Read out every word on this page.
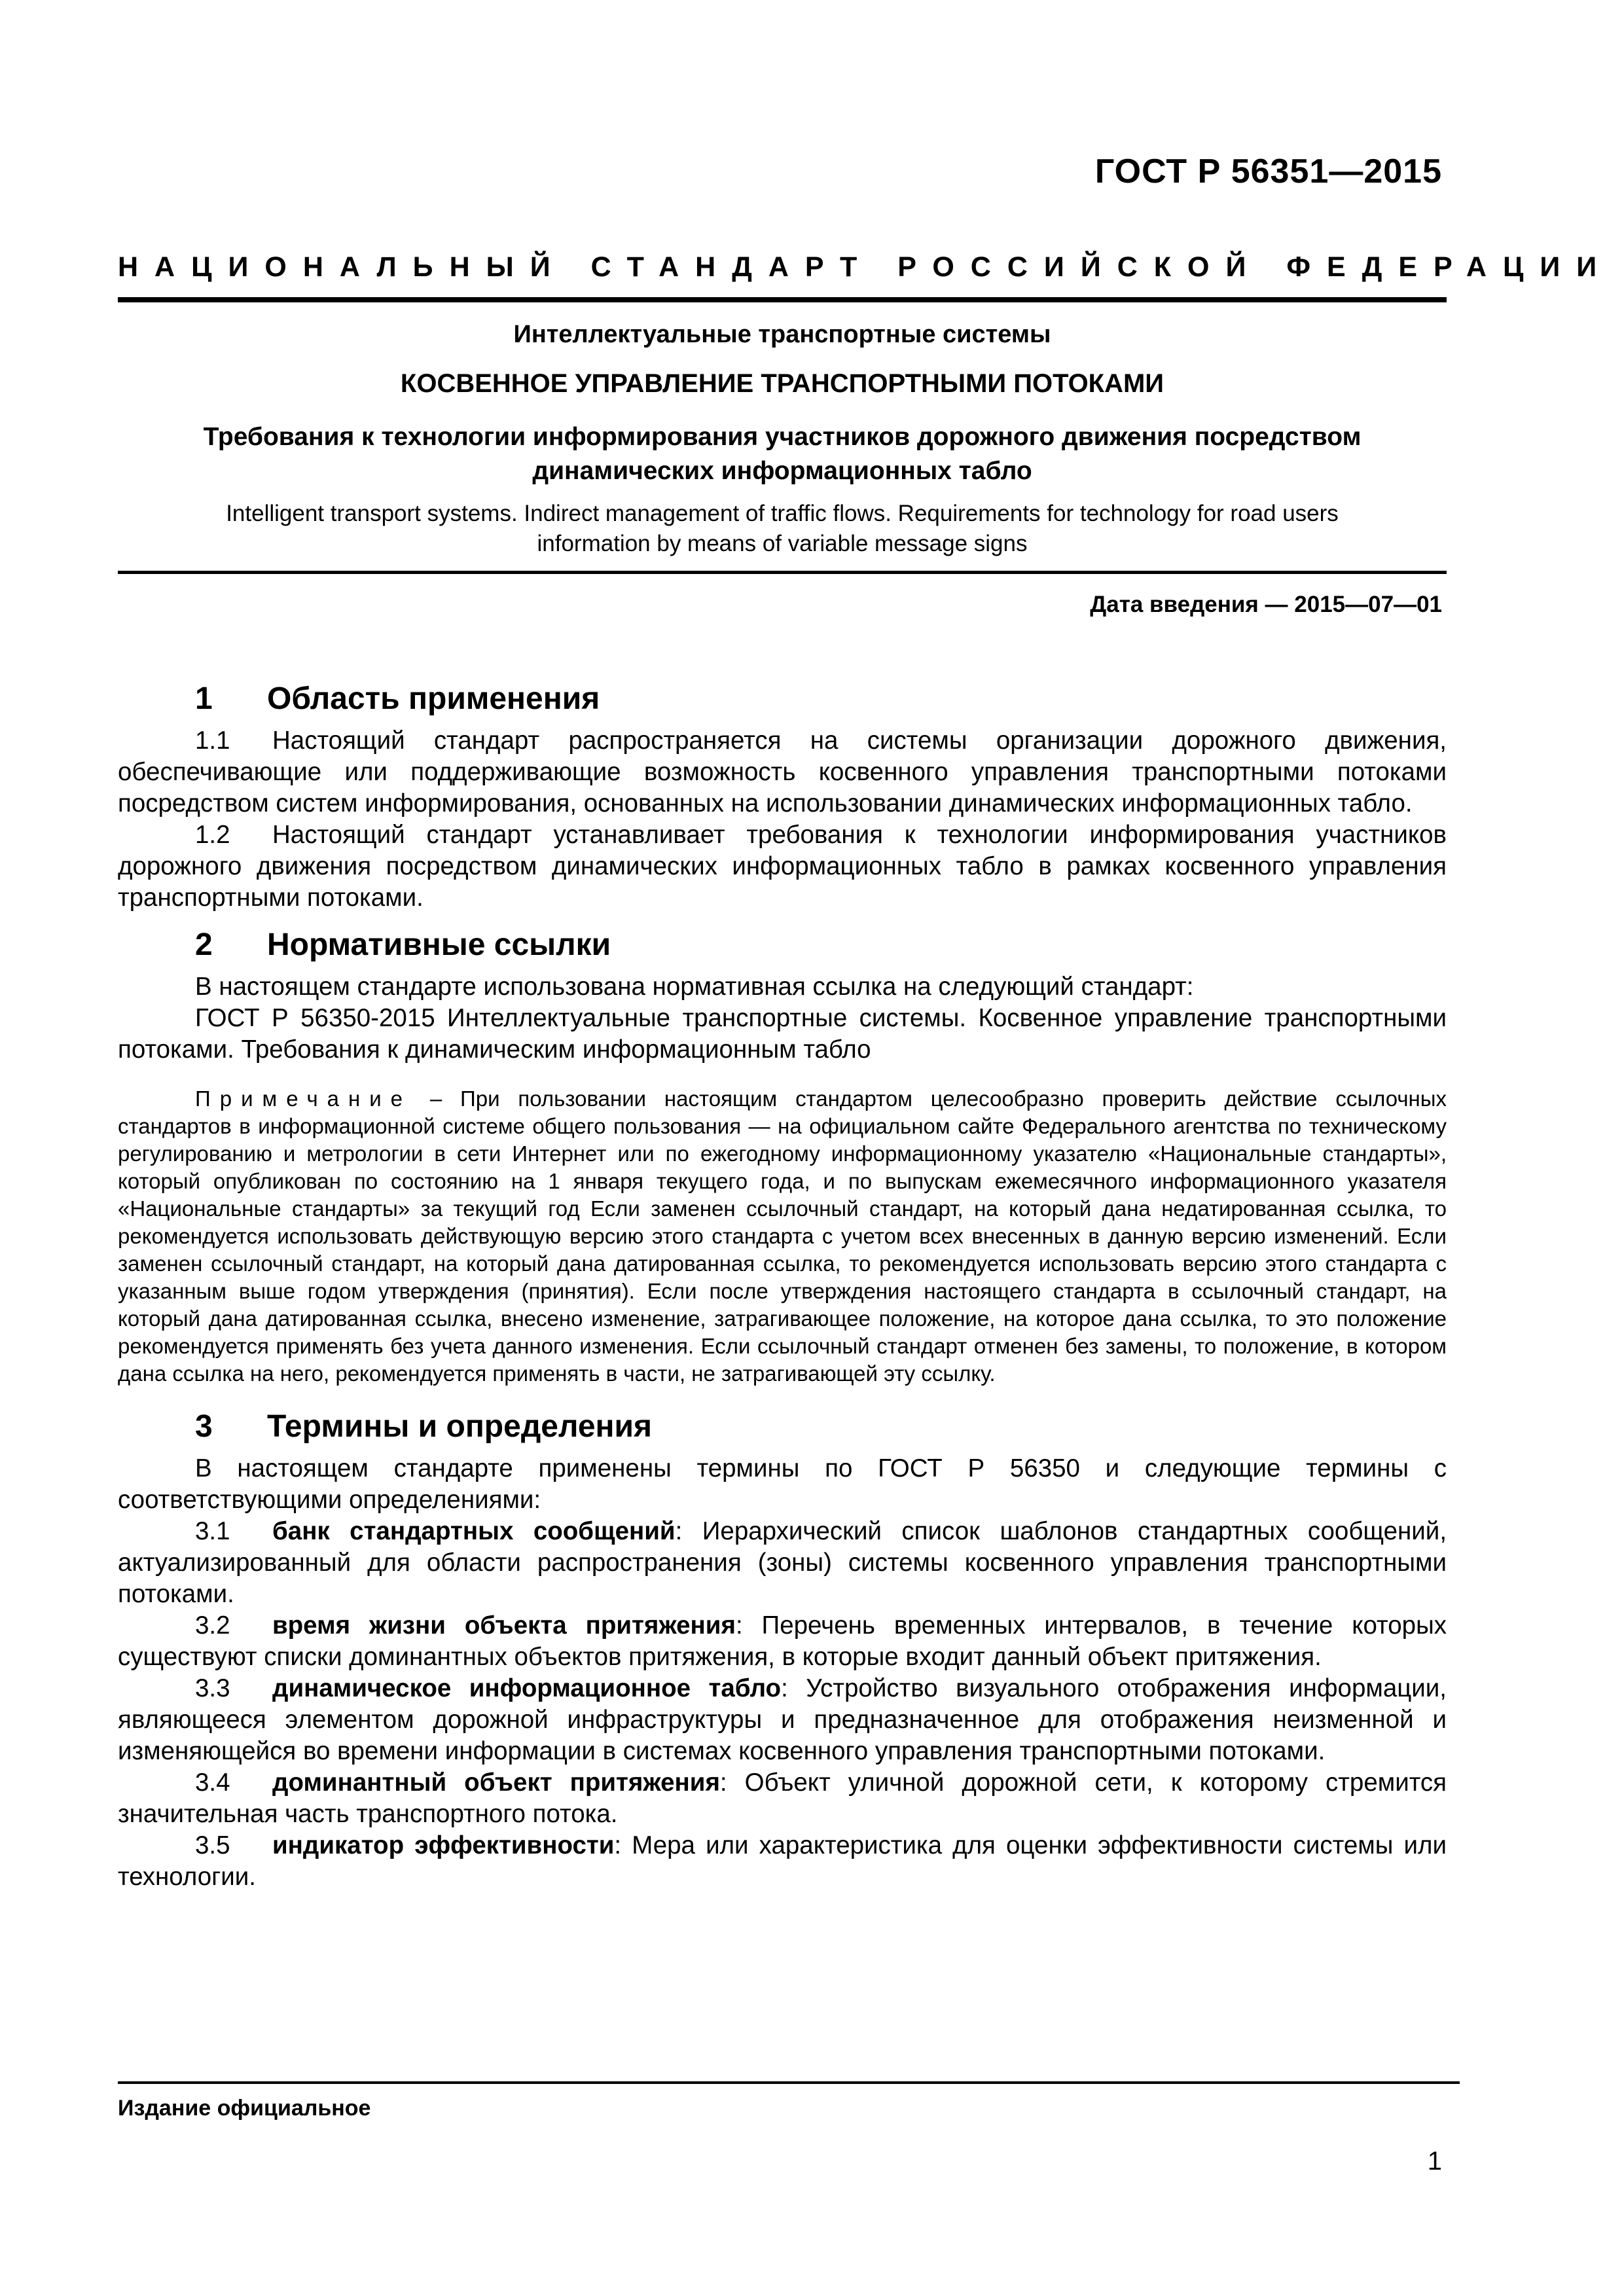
ГОСТ Р 56351—2015
НАЦИОНАЛЬНЫЙ СТАНДАРТ РОССИЙСКОЙ ФЕДЕРАЦИИ
Интеллектуальные транспортные системы
КОСВЕННОЕ УПРАВЛЕНИЕ ТРАНСПОРТНЫМИ ПОТОКАМИ
Требования к технологии информирования участников дорожного движения посредством
динамических информационных табло
Intelligent transport systems. Indirect management of traffic flows. Requirements for technology for road users
information by means of variable message signs
Дата введения — 2015—07—01
1 Область применения

1.1 Настоящий стандарт распространяется на системы организации дорожного движения, обеспечивающие или поддерживающие возможность косвенного управления транспортными потоками посредством систем информирования, основанных на использовании динамических информационных табло.

1.2 Настоящий стандарт устанавливает требования к технологии информирования участников дорожного движения посредством динамических информационных табло в рамках косвенного управления транспортными потоками.

2 Нормативные ссылки

В настоящем стандарте использована нормативная ссылка на следующий стандарт:

ГОСТ Р 56350-2015 Интеллектуальные транспортные системы. Косвенное управление транспортными потоками. Требования к динамическим информационным табло

Примечание – При пользовании настоящим стандартом целесообразно проверить действие ссылочных стандартов в информационной системе общего пользования — на официальном сайте Федерального агентства по техническому регулированию и метрологии в сети Интернет или по ежегодному информационному указателю «Национальные стандарты», который опубликован по состоянию на 1 января текущего года, и по выпускам ежемесячного информационного указателя «Национальные стандарты» за текущий год Если заменен ссылочный стандарт, на который дана недатированная ссылка, то рекомендуется использовать действующую версию этого стандарта с учетом всех внесенных в данную версию изменений. Если заменен ссылочный стандарт, на который дана датированная ссылка, то рекомендуется использовать версию этого стандарта с указанным выше годом утверждения (принятия). Если после утверждения настоящего стандарта в ссылочный стандарт, на который дана датированная ссылка, внесено изменение, затрагивающее положение, на которое дана ссылка, то это положение рекомендуется применять без учета данного изменения. Если ссылочный стандарт отменен без замены, то положение, в котором дана ссылка на него, рекомендуется применять в части, не затрагивающей эту ссылку.

3 Термины и определения

В настоящем стандарте применены термины по ГОСТ Р 56350 и следующие термины с соответствующими определениями:

3.1 банк стандартных сообщений: Иерархический список шаблонов стандартных сообщений, актуализированный для области распространения (зоны) системы косвенного управления транспортными потоками.

3.2 время жизни объекта притяжения: Перечень временных интервалов, в течение которых существуют списки доминантных объектов притяжения, в которые входит данный объект притяжения.

3.3 динамическое информационное табло: Устройство визуального отображения информации, являющееся элементом дорожной инфраструктуры и предназначенное для отображения неизменной и изменяющейся во времени информации в системах косвенного управления транспортными потоками.

3.4 доминантный объект притяжения: Объект уличной дорожной сети, к которому стремится значительная часть транспортного потока.

3.5 индикатор эффективности: Мера или характеристика для оценки эффективности системы или технологии.

Издание официальное
1
